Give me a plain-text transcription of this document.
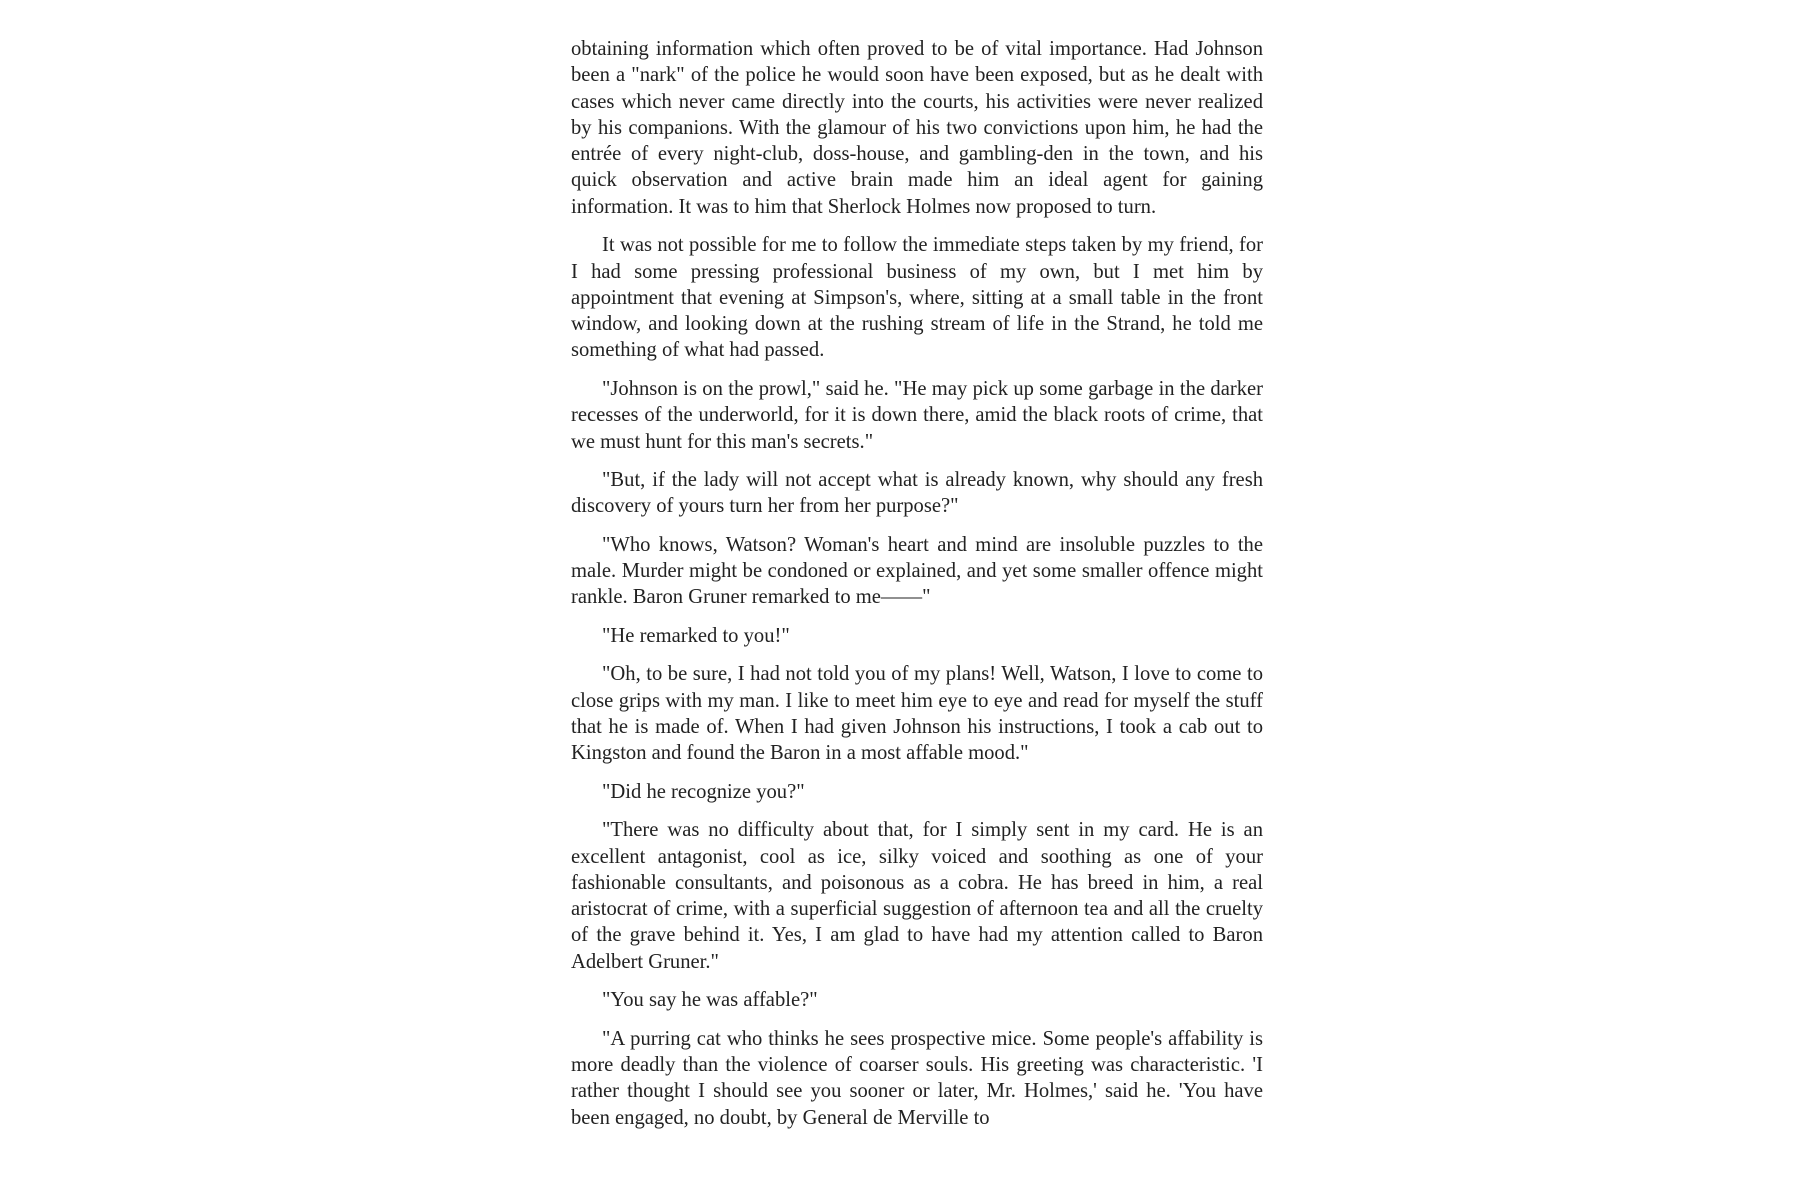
obtaining information which often proved to be of vital importance. Had Johnson been a "nark" of the police he would soon have been exposed, but as he dealt with cases which never came directly into the courts, his activities were never realized by his companions. With the glamour of his two convictions upon him, he had the entrée of every night-club, doss-house, and gambling-den in the town, and his quick observation and active brain made him an ideal agent for gaining information. It was to him that Sherlock Holmes now proposed to turn.

It was not possible for me to follow the immediate steps taken by my friend, for I had some pressing professional business of my own, but I met him by appointment that evening at Simpson's, where, sitting at a small table in the front window, and looking down at the rushing stream of life in the Strand, he told me something of what had passed.

"Johnson is on the prowl," said he. "He may pick up some garbage in the darker recesses of the underworld, for it is down there, amid the black roots of crime, that we must hunt for this man's secrets."

"But, if the lady will not accept what is already known, why should any fresh discovery of yours turn her from her purpose?"

"Who knows, Watson? Woman's heart and mind are insoluble puzzles to the male. Murder might be condoned or explained, and yet some smaller offence might rankle. Baron Gruner remarked to me——"

"He remarked to you!"

"Oh, to be sure, I had not told you of my plans! Well, Watson, I love to come to close grips with my man. I like to meet him eye to eye and read for myself the stuff that he is made of. When I had given Johnson his instructions, I took a cab out to Kingston and found the Baron in a most affable mood."

"Did he recognize you?"

"There was no difficulty about that, for I simply sent in my card. He is an excellent antagonist, cool as ice, silky voiced and soothing as one of your fashionable consultants, and poisonous as a cobra. He has breed in him, a real aristocrat of crime, with a superficial suggestion of afternoon tea and all the cruelty of the grave behind it. Yes, I am glad to have had my attention called to Baron Adelbert Gruner."

"You say he was affable?"

"A purring cat who thinks he sees prospective mice. Some people's affability is more deadly than the violence of coarser souls. His greeting was characteristic. 'I rather thought I should see you sooner or later, Mr. Holmes,' said he. 'You have been engaged, no doubt, by General de Merville to
